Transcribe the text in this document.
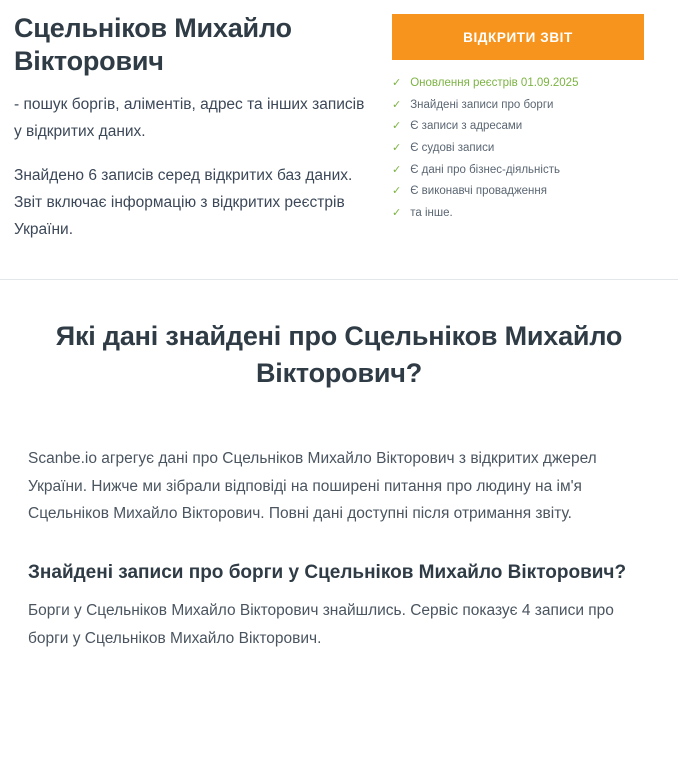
Сцельніков Михайло Вікторович

- пошук боргів, аліментів, адрес та інших записів у відкритих даних.

Знайдено 6 записів серед відкритих баз даних. Звіт включає інформацію з відкритих реєстрів України.

ВІДКРИТИ ЗВІТ
✓ Оновлення реєстрів 01.09.2025
✓ Знайдені записи про борги
✓ Є записи з адресами
✓ Є судові записи
✓ Є дані про бізнес-діяльність
✓ Є виконавчі провадження
✓ та інше.
Які дані знайдені про Сцельніков Михайло Вікторович?

Scanbe.io агрегує дані про Сцельніков Михайло Вікторович з відкритих джерел України. Нижче ми зібрали відповіді на поширені питання про людину на ім'я Сцельніков Михайло Вікторович. Повні дані доступні після отримання звіту.

Знайдені записи про борги у Сцельніков Михайло Вікторович?

Борги у Сцельніков Михайло Вікторович знайшлись. Сервіс показує 4 записи про борги у Сцельніков Михайло Вікторович.
